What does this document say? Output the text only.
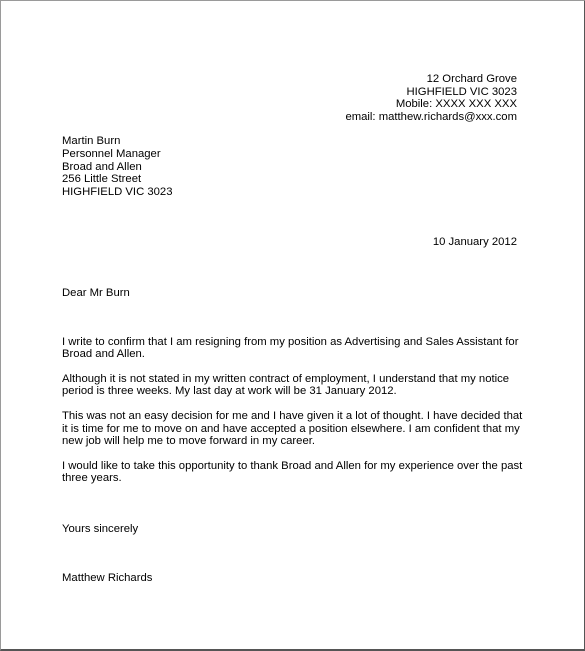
12 Orchard Grove
HIGHFIELD VIC 3023
Mobile: XXXX XXX XXX
email: matthew.richards@xxx.com
Martin Burn
Personnel Manager
Broad and Allen
256 Little Street
HIGHFIELD VIC 3023
10 January 2012
Dear Mr Burn
I write to confirm that I am resigning from my position as Advertising and Sales Assistant for
Broad and Allen.
Although it is not stated in my written contract of employment, I understand that my notice
period is three weeks. My last day at work will be 31 January 2012.
This was not an easy decision for me and I have given it a lot of thought. I have decided that
it is time for me to move on and have accepted a position elsewhere. I am confident that my
new job will help me to move forward in my career.
I would like to take this opportunity to thank Broad and Allen for my experience over the past
three years.
Yours sincerely
Matthew Richards
